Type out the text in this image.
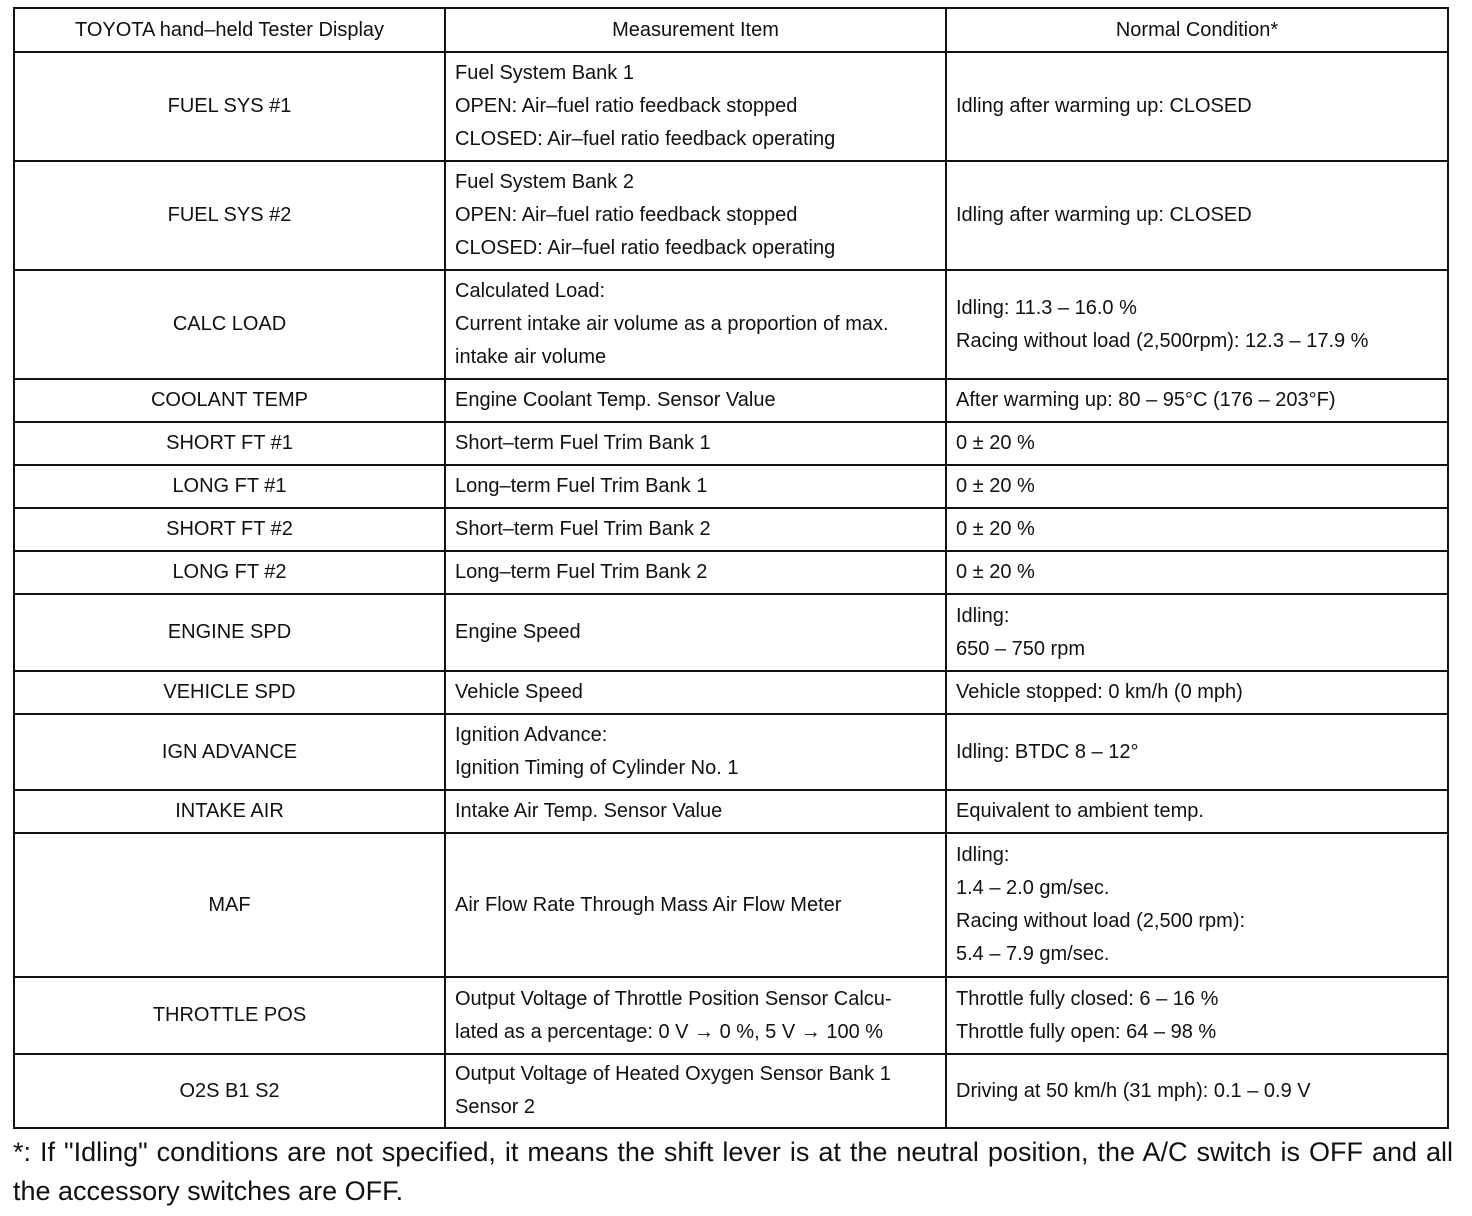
TOYOTA hand–held Tester Display	Measurement Item	Normal Condition*
FUEL SYS #1	Fuel System Bank 1
OPEN: Air–fuel ratio feedback stopped
CLOSED: Air–fuel ratio feedback operating	Idling after warming up: CLOSED

FUEL SYS #2	Fuel System Bank 2
OPEN: Air–fuel ratio feedback stopped
CLOSED: Air–fuel ratio feedback operating	Idling after warming up: CLOSED

CALC LOAD	Calculated Load:
Current intake air volume as a proportion of max.
intake air volume	Idling: 11.3 – 16.0 %
Racing without load (2,500rpm): 12.3 – 17.9 %

COOLANT TEMP	Engine Coolant Temp. Sensor Value	After warming up: 80 – 95°C (176 – 203°F)

SHORT FT #1	Short–term Fuel Trim Bank 1	0 ± 20 %

LONG FT #1	Long–term Fuel Trim Bank 1	0 ± 20 %

SHORT FT #2	Short–term Fuel Trim Bank 2	0 ± 20 %

LONG FT #2	Long–term Fuel Trim Bank 2	0 ± 20 %

ENGINE SPD	Engine Speed	Idling:
650 – 750 rpm

VEHICLE SPD	Vehicle Speed	Vehicle stopped: 0 km/h (0 mph)

IGN ADVANCE	Ignition Advance:
Ignition Timing of Cylinder No. 1	Idling: BTDC 8 – 12°

INTAKE AIR	Intake Air Temp. Sensor Value	Equivalent to ambient temp.

MAF	Air Flow Rate Through Mass Air Flow Meter	Idling:
1.4 – 2.0 gm/sec.
Racing without load (2,500 rpm):
5.4 – 7.9 gm/sec.

THROTTLE POS	Output Voltage of Throttle Position Sensor Calcu-
lated as a percentage: 0 V → 0 %, 5 V → 100 %	Throttle fully closed: 6 – 16 %
Throttle fully open: 64 – 98 %

O2S B1 S2	Output Voltage of Heated Oxygen Sensor Bank 1
Sensor 2	Driving at 50 km/h (31 mph): 0.1 – 0.9 V
*: If "Idling" conditions are not specified, it means the shift lever is at the neutral position, the A/C switch is OFF and all the accessory switches are OFF.
